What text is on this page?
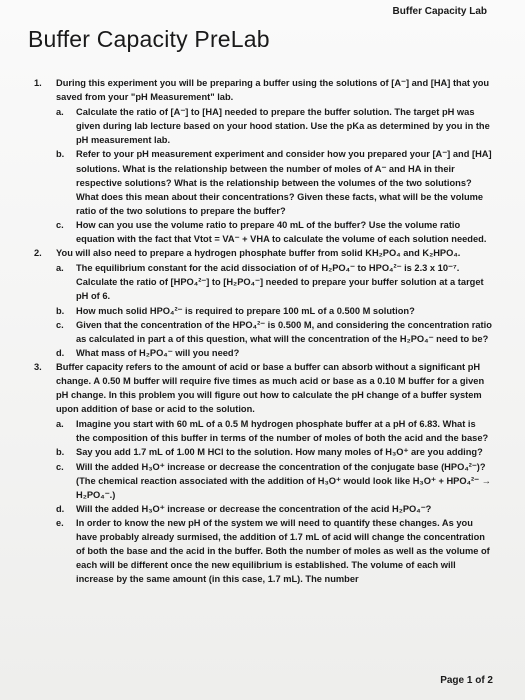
Buffer Capacity Lab
Buffer Capacity PreLab
1.	During this experiment you will be preparing a buffer using the solutions of [A⁻] and [HA] that you saved from your "pH Measurement" lab.
a.	Calculate the ratio of [A⁻] to [HA] needed to prepare the buffer solution. The target pH was given during lab lecture based on your hood station. Use the pKa as determined by you in the pH measurement lab.
b.	Refer to your pH measurement experiment and consider how you prepared your [A⁻] and [HA] solutions. What is the relationship between the number of moles of A⁻ and HA in their respective solutions? What is the relationship between the volumes of the two solutions? What does this mean about their concentrations? Given these facts, what will be the volume ratio of the two solutions to prepare the buffer?
c.	How can you use the volume ratio to prepare 40 mL of the buffer? Use the volume ratio equation with the fact that Vtot = VA⁻ + VHA to calculate the volume of each solution needed.
2.	You will also need to prepare a hydrogen phosphate buffer from solid KH₂PO₄ and K₂HPO₄.
a.	The equilibrium constant for the acid dissociation of of H₂PO₄⁻ to HPO₄²⁻ is 2.3 x 10⁻⁷. Calculate the ratio of [HPO₄²⁻] to [H₂PO₄⁻] needed to prepare your buffer solution at a target pH of 6.
b.	How much solid HPO₄²⁻ is required to prepare 100 mL of a 0.500 M solution?
c.	Given that the concentration of the HPO₄²⁻ is 0.500 M, and considering the concentration ratio as calculated in part a of this question, what will the concentration of the H₂PO₄⁻ need to be?
d.	What mass of H₂PO₄⁻ will you need?
3.	Buffer capacity refers to the amount of acid or base a buffer can absorb without a significant pH change. A 0.50 M buffer will require five times as much acid or base as a 0.10 M buffer for a given pH change. In this problem you will figure out how to calculate the pH change of a buffer system upon addition of base or acid to the solution.
a.	Imagine you start with 60 mL of a 0.5 M hydrogen phosphate buffer at a pH of 6.83. What is the composition of this buffer in terms of the number of moles of both the acid and the base?
b.	Say you add 1.7 mL of 1.00 M HCl to the solution. How many moles of H₃O⁺ are you adding?
c.	Will the added H₃O⁺ increase or decrease the concentration of the conjugate base (HPO₄²⁻)? (The chemical reaction associated with the addition of H₃O⁺ would look like H₃O⁺ + HPO₄²⁻ → H₂PO₄⁻.)
d.	Will the added H₃O⁺ increase or decrease the concentration of the acid H₂PO₄⁻?
e.	In order to know the new pH of the system we will need to quantify these changes. As you have probably already surmised, the addition of 1.7 mL of acid will change the concentration of both the base and the acid in the buffer. Both the number of moles as well as the volume of each will be different once the new equilibrium is established. The volume of each will increase by the same amount (in this case, 1.7 mL). The number
Page 1 of 2
